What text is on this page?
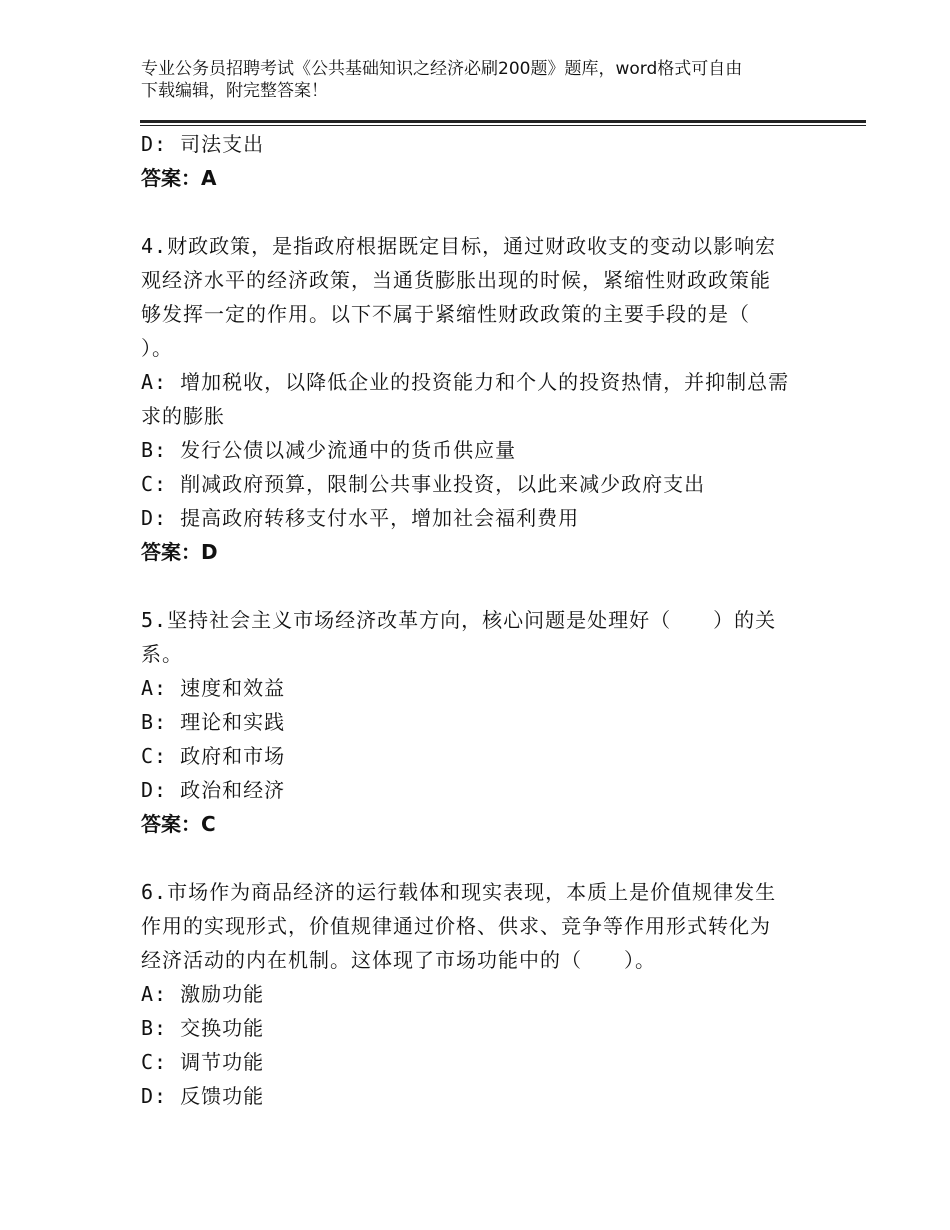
专业公务员招聘考试《公共基础知识之经济必刷200题》题库，word格式可自由
下载编辑，附完整答案！
D: 司法支出
答案：A
4.财政政策，是指政府根据既定目标，通过财政收支的变动以影响宏
观经济水平的经济政策，当通货膨胀出现的时候，紧缩性财政政策能
够发挥一定的作用。以下不属于紧缩性财政政策的主要手段的是（
）。
A: 增加税收，以降低企业的投资能力和个人的投资热情，并抑制总需
求的膨胀
B: 发行公债以减少流通中的货币供应量
C: 削减政府预算，限制公共事业投资，以此来减少政府支出
D: 提高政府转移支付水平，增加社会福利费用
答案：D
5.坚持社会主义市场经济改革方向，核心问题是处理好（　　）的关
系。
A: 速度和效益
B: 理论和实践
C: 政府和市场
D: 政治和经济
答案：C
6.市场作为商品经济的运行载体和现实表现，本质上是价值规律发生
作用的实现形式，价值规律通过价格、供求、竞争等作用形式转化为
经济活动的内在机制。这体现了市场功能中的（　　）。
A: 激励功能
B: 交换功能
C: 调节功能
D: 反馈功能
